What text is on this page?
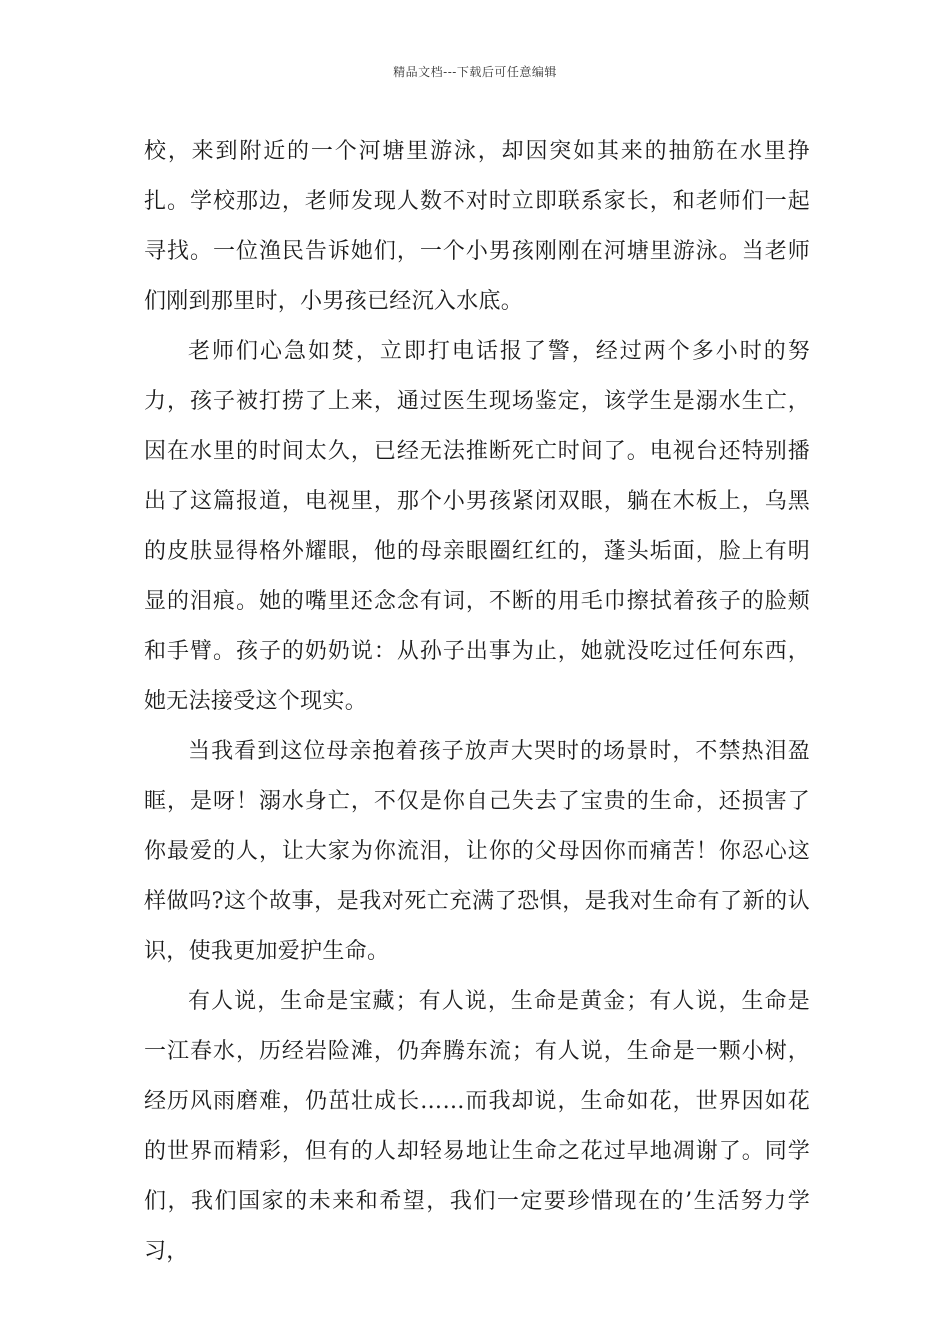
精品文档---下载后可任意编辑

校，来到附近的一个河塘里游泳，却因突如其来的抽筋在水里挣扎。学校那边，老师发现人数不对时立即联系家长，和老师们一起寻找。一位渔民告诉她们，一个小男孩刚刚在河塘里游泳。当老师们刚到那里时，小男孩已经沉入水底。

老师们心急如焚，立即打电话报了警，经过两个多小时的努力，孩子被打捞了上来，通过医生现场鉴定，该学生是溺水生亡，因在水里的时间太久，已经无法推断死亡时间了。电视台还特别播出了这篇报道，电视里，那个小男孩紧闭双眼，躺在木板上，乌黑的皮肤显得格外耀眼，他的母亲眼圈红红的，蓬头垢面，脸上有明显的泪痕。她的嘴里还念念有词，不断的用毛巾擦拭着孩子的脸颊和手臂。孩子的奶奶说：从孙子出事为止，她就没吃过任何东西，她无法接受这个现实。

当我看到这位母亲抱着孩子放声大哭时的场景时，不禁热泪盈眶，是呀！溺水身亡，不仅是你自己失去了宝贵的生命，还损害了你最爱的人，让大家为你流泪，让你的父母因你而痛苦！你忍心这样做吗?这个故事，是我对死亡充满了恐惧，是我对生命有了新的认识，使我更加爱护生命。

有人说，生命是宝藏；有人说，生命是黄金；有人说，生命是一江春水，历经岩险滩，仍奔腾东流；有人说，生命是一颗小树，经历风雨磨难，仍茁壮成长……而我却说，生命如花，世界因如花的世界而精彩，但有的人却轻易地让生命之花过早地凋谢了。同学们，我们国家的未来和希望，我们一定要珍惜现在的’生活努力学习，
